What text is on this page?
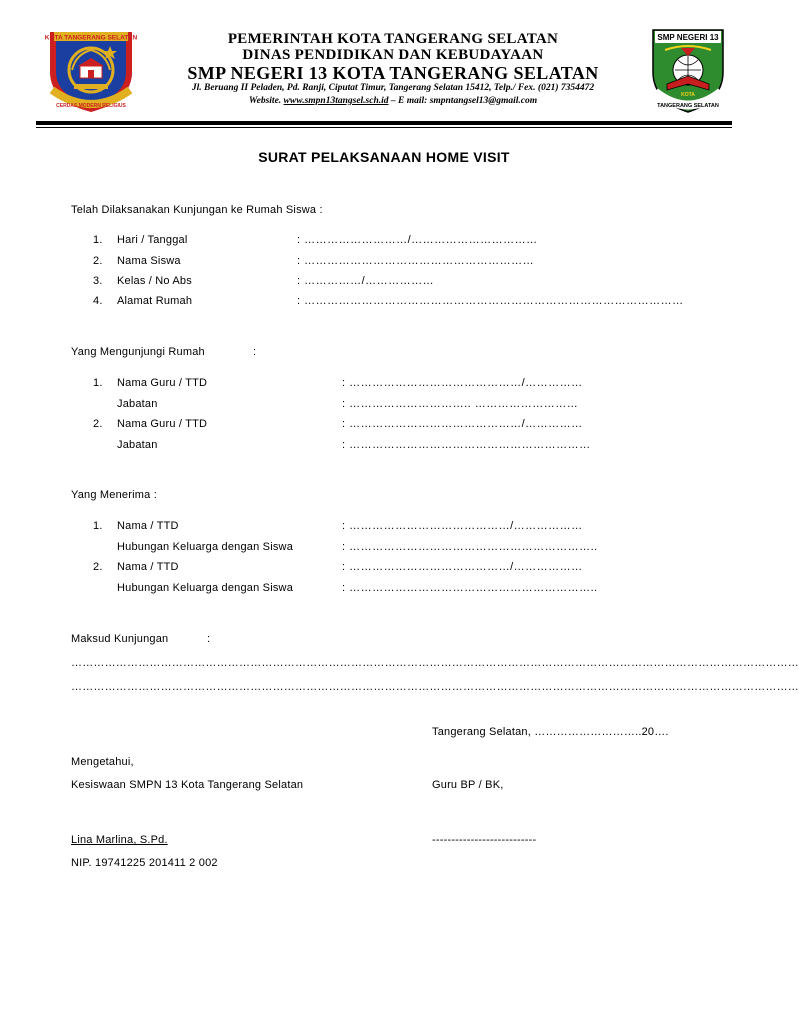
KOTA TANGERANG SELATAN
CERDAS MODERN RELIGIUS
SMP NEGERI 13
KOTA
TANGERANG SELATAN
PEMERINTAH KOTA TANGERANG SELATAN
DINAS PENDIDIKAN DAN KEBUDAYAAN
SMP NEGERI 13 KOTA TANGERANG SELATAN
Jl. Beruang II Peladen, Pd. Ranji, Ciputat Timur, Tangerang Selatan 15412, Telp./ Fex. (021) 7354472
Website. www.smpn13tangsel.sch.id – E mail: smpntangsel13@gmail.com
SURAT PELAKSANAAN HOME VISIT
Telah Dilaksanakan Kunjungan ke Rumah Siswa :
1. Hari / Tanggal	: ………………………/……………………………
2. Nama Siswa	: ……………………………………………………
3. Kelas / No Abs	: ……………/………………
4. Alamat Rumah	: ………………………………………………………………………………………
Yang Mengunjungi Rumah	:
1. Nama Guru / TTD	: ………………………………………/……………
Jabatan	: ………………………….. ………………………
2. Nama Guru / TTD	: ………………………………………/……………
Jabatan	: ………………………………………………………
Yang Menerima :
1. Nama / TTD	: ……………………………………/………………
Hubungan Keluarga dengan Siswa	: ………………………………………………………..
2. Nama / TTD	: ……………………………………/………………
Hubungan Keluarga dengan Siswa	: ………………………………………………………..
Maksud Kunjungan	:
……………………………………………………………………………………………………………………………………………………………………………
……………………………………………………………………………………………………………………………………………………………………………
Tangerang Selatan, ………………………..20….
Mengetahui,
Kesiswaan SMPN 13 Kota Tangerang Selatan	Guru BP / BK,
Lina Marlina, S.Pd.	---------------------------
NIP. 19741225 201411 2 002
